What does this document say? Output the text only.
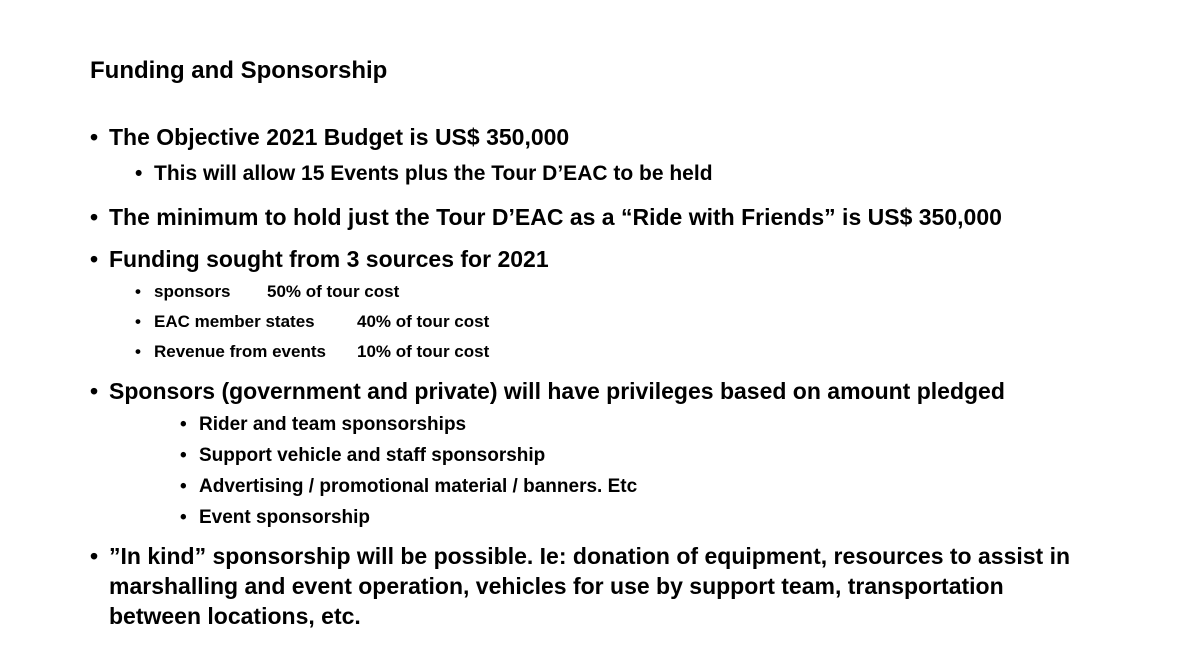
Funding and Sponsorship
• The Objective 2021 Budget is US$ 350,000
• This will allow 15 Events plus the Tour D’EAC to be held
• The minimum to hold just the Tour D’EAC as a “Ride with Friends” is US$ 350,000
• Funding sought from 3 sources for 2021
• sponsors 50% of tour cost
• EAC member states 40% of tour cost
• Revenue from events 10% of tour cost
• Sponsors (government and private) will have privileges based on amount pledged
• Rider and team sponsorships
• Support vehicle and staff sponsorship
• Advertising / promotional material / banners. Etc
• Event sponsorship
• ”In kind” sponsorship will be possible. Ie: donation of equipment, resources to assist in marshalling and event operation, vehicles for use by support team, transportation between locations, etc.
